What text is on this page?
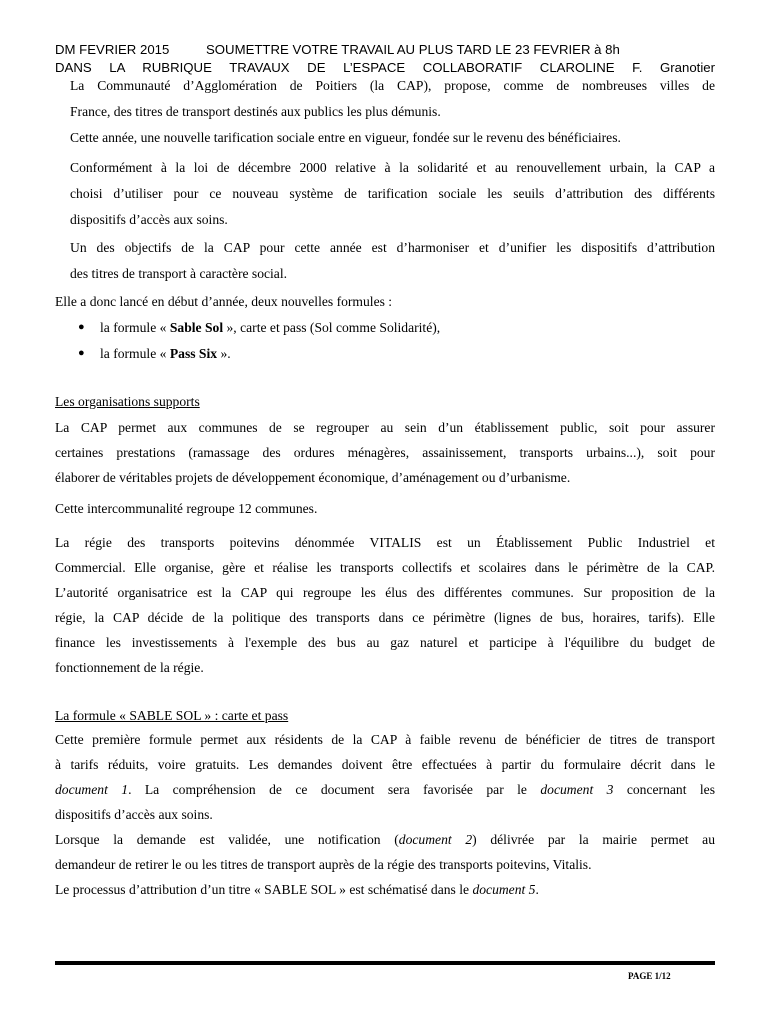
DM FEVRIER 2015	SOUMETTRE VOTRE TRAVAIL AU PLUS TARD LE 23 FEVRIER à 8h
DANS LA RUBRIQUE TRAVAUX DE L’ESPACE COLLABORATIF CLAROLINE F. Granotier
La Communauté d’Agglomération de Poitiers (la CAP), propose, comme de nombreuses villes de
France, des titres de transport destinés aux publics les plus démunis.
Cette année, une nouvelle tarification sociale entre en vigueur, fondée sur le revenu des bénéficiaires.
Conformément à la loi de décembre 2000 relative à la solidarité et au renouvellement urbain, la CAP a
choisi d’utiliser pour ce nouveau système de tarification sociale les seuils d’attribution des différents
dispositifs d’accès aux soins.
Un des objectifs de la CAP pour cette année est d’harmoniser et d’unifier les dispositifs d’attribution
des titres de transport à caractère social.
Elle a donc lancé en début d’année, deux nouvelles formules :
● la formule « Sable Sol », carte et pass (Sol comme Solidarité),
● la formule « Pass Six ».
Les organisations supports
La CAP permet aux communes de se regrouper au sein d’un établissement public, soit pour assurer
certaines prestations (ramassage des ordures ménagères, assainissement, transports urbains...), soit pour
élaborer de véritables projets de développement économique, d’aménagement ou d’urbanisme.
Cette intercommunalité regroupe 12 communes.
La régie des transports poitevins dénommée VITALIS est un Établissement Public Industriel et
Commercial. Elle organise, gère et réalise les transports collectifs et scolaires dans le périmètre de la CAP.
L’autorité organisatrice est la CAP qui regroupe les élus des différentes communes. Sur proposition de la
régie, la CAP décide de la politique des transports dans ce périmètre (lignes de bus, horaires, tarifs). Elle
finance les investissements à l'exemple des bus au gaz naturel et participe à l'équilibre du budget de
fonctionnement de la régie.
La formule « SABLE SOL » : carte et pass
Cette première formule permet aux résidents de la CAP à faible revenu de bénéficier de titres de transport
à tarifs réduits, voire gratuits. Les demandes doivent être effectuées à partir du formulaire décrit dans le
document 1. La compréhension de ce document sera favorisée par le document 3 concernant les
dispositifs d’accès aux soins.
Lorsque la demande est validée, une notification (document 2) délivrée par la mairie permet au
demandeur de retirer le ou les titres de transport auprès de la régie des transports poitevins, Vitalis.
Le processus d’attribution d’un titre « SABLE SOL » est schématisé dans le document 5.
PAGE 1/12
